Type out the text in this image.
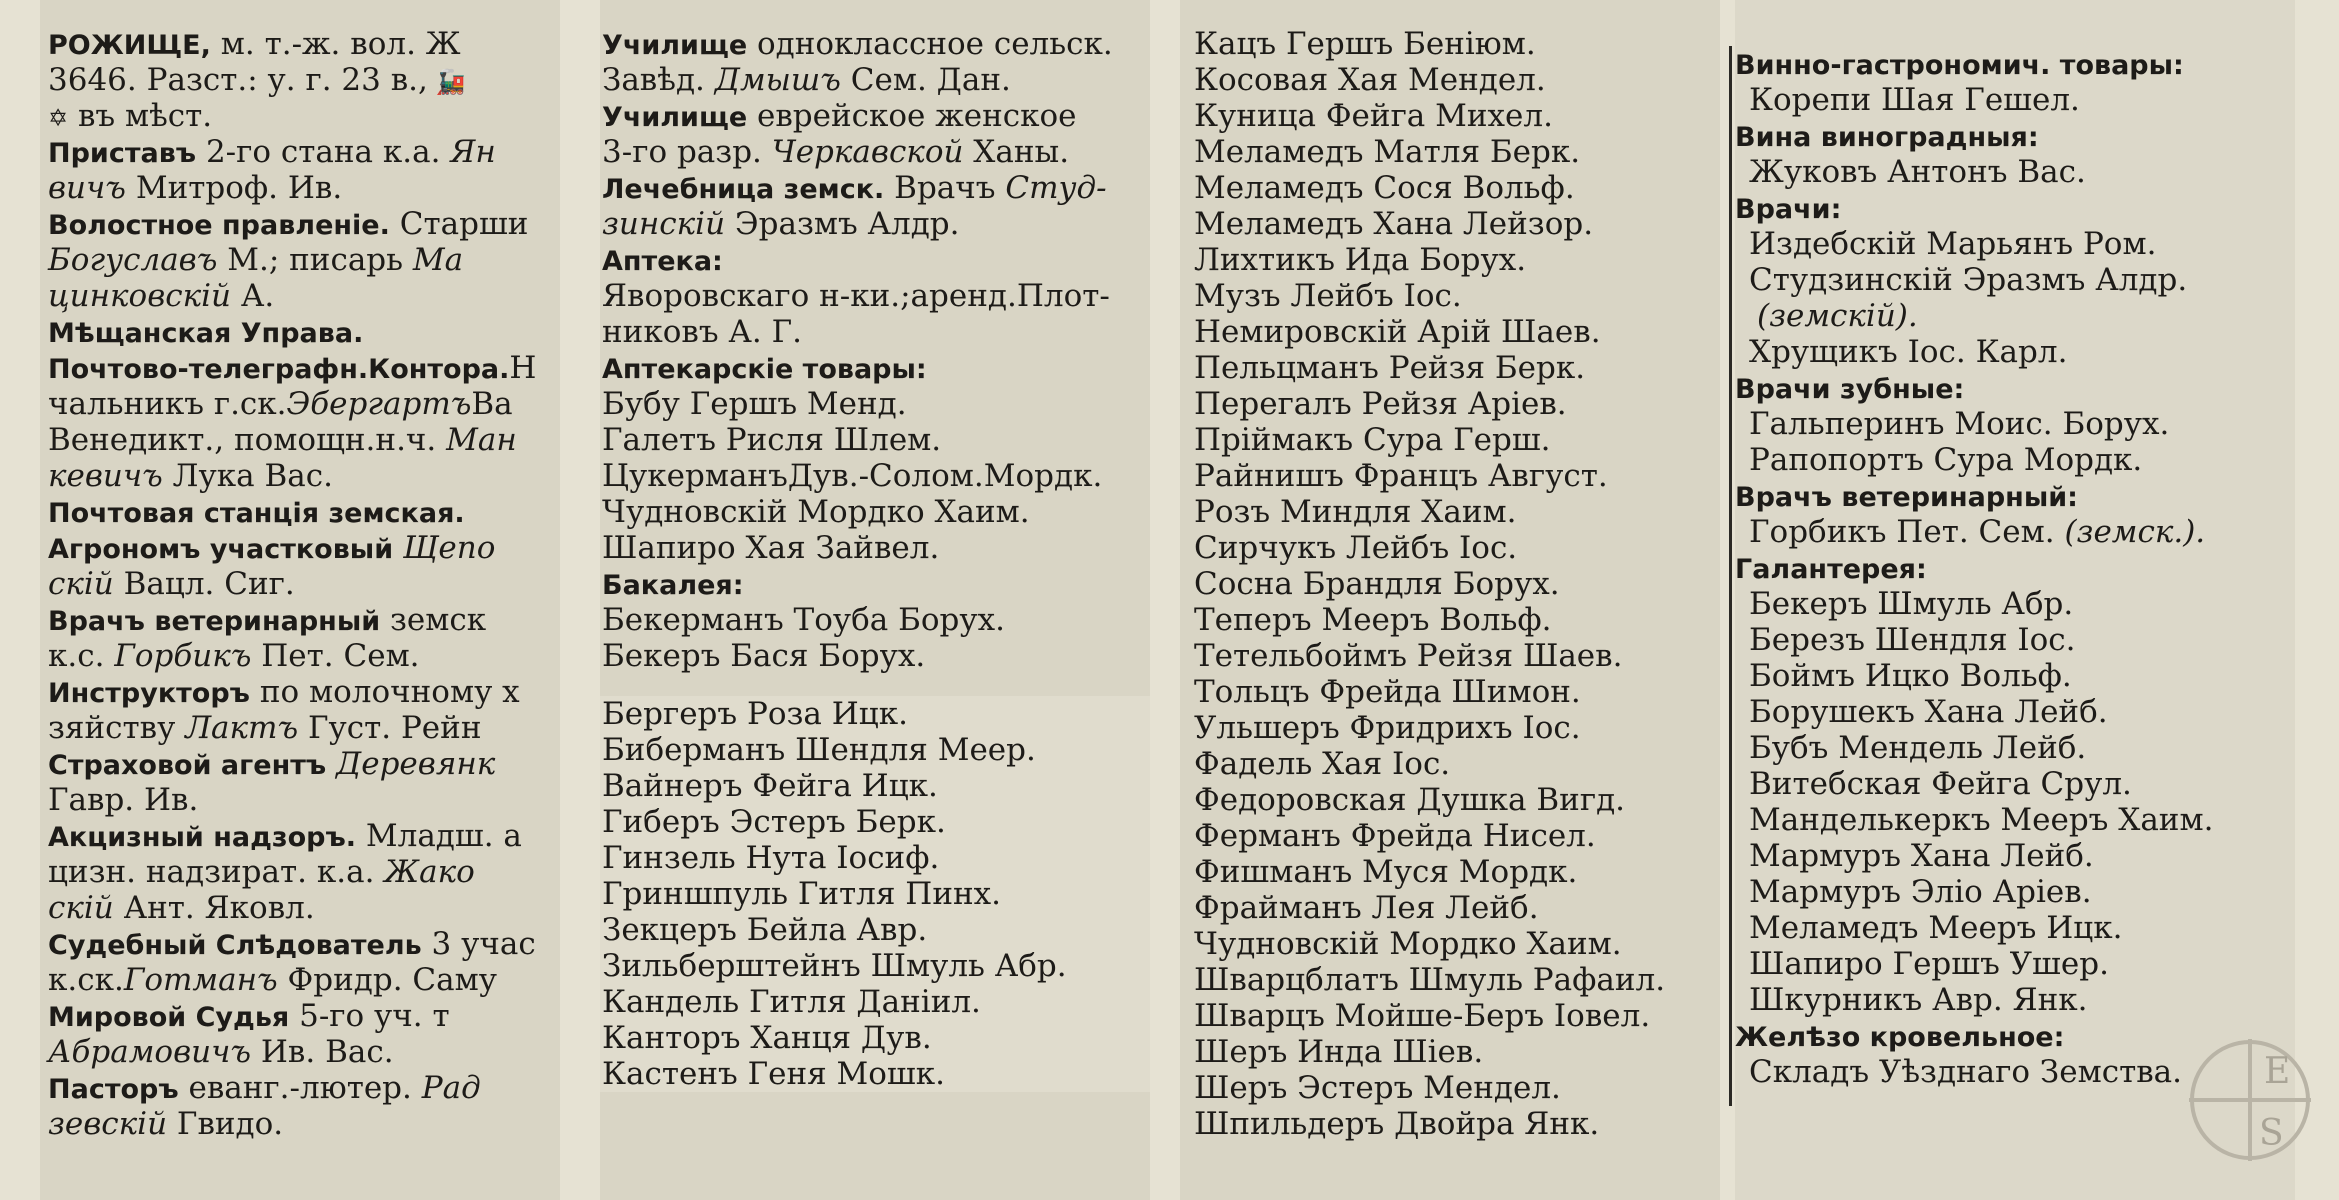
РОЖИЩЕ, м. т.-ж. вол. Ж
3646. Разст.: у. г. 23 в., 🚂
✡ въ мѣст.
Приставъ 2-го стана к.а. Ян
вичъ Митроф. Ив.
Волостное правленіе. Старши
Богуславъ М.; писарь Ма
цинковскій А.
Мѣщанская Управа.
Почтово-телеграфн.Контора.Н
чальникъ г.ск.ЭбергартъВа
Венедикт., помощн.н.ч. Ман
кевичъ Лука Вас.
Почтовая станція земская.
Агрономъ участковый Щепо
скій Вацл. Сиг.
Врачъ ветеринарный земск
к.с. Горбикъ Пет. Сем.
Инструкторъ по молочному х
зяйству Лактъ Густ. Рейн
Страховой агентъ Деревянк
Гавр. Ив.
Акцизный надзоръ. Младш. а
цизн. надзират. к.а. Жако
скій Ант. Яковл.
Судебный Слѣдователь 3 учас
к.ск.Готманъ Фридр. Саму
Мировой Судья 5-го уч. т
Абрамовичъ Ив. Вас.
Пасторъ еванг.-лютер. Рад
зевскій Гвидо.
Училище одноклассное сельск.
Завѣд. Дмышъ Сем. Дан.
Училище еврейское женское
3-го разр. Черкавской Ханы.
Лечебница земск. Врачъ Студ-
зинскій Эразмъ Алдр.
Аптека:
Яворовскаго н-ки.;аренд.Плот-
никовъ А. Г.
Аптекарскіе товары:
Бубу Гершъ Менд.
Галетъ Рисля Шлем.
ЦукерманъДув.-Солом.Мордк.
Чудновскій Мордко Хаим.
Шапиро Хая Зайвел.
Бакалея:
Бекерманъ Тоуба Борух.
Бекеръ Бася Борух.
Бергеръ Роза Ицк.
Биберманъ Шендля Меер.
Вайнеръ Фейга Ицк.
Гиберъ Эстеръ Берк.
Гинзель Нута Іосиф.
Гриншпуль Гитля Пинх.
Зекцеръ Бейла Авр.
Зильберштейнъ Шмуль Абр.
Кандель Гитля Даніил.
Канторъ Ханця Дув.
Кастенъ Геня Мошк.
Кацъ Гершъ Беніюм.
Косовая Хая Мендел.
Куница Фейга Михел.
Меламедъ Матля Берк.
Меламедъ Сося Вольф.
Меламедъ Хана Лейзор.
Лихтикъ Ида Борух.
Музъ Лейбъ Іос.
Немировскій Арій Шаев.
Пельцманъ Рейзя Берк.
Перегалъ Рейзя Аріев.
Пріймакъ Сура Герш.
Райнишъ Францъ Август.
Розъ Миндля Хаим.
Сирчукъ Лейбъ Іос.
Сосна Брандля Борух.
Теперъ Мееръ Вольф.
Тетельбоймъ Рейзя Шаев.
Тольцъ Фрейда Шимон.
Ульшеръ Фридрихъ Іос.
Фадель Хая Іос.
Федоровская Душка Вигд.
Ферманъ Фрейда Нисел.
Фишманъ Муся Мордк.
Фрайманъ Лея Лейб.
Чудновскій Мордко Хаим.
Шварцблатъ Шмуль Рафаил.
Шварцъ Мойше-Беръ Іовел.
Шеръ Инда Шіев.
Шеръ Эстеръ Мендел.
Шпильдеръ Двойра Янк.
Винно-гастрономич. товары:
Корепи Шая Гешел.
Вина виноградныя:
Жуковъ Антонъ Вас.
Врачи:
Издебскій Марьянъ Ром.
Студзинскій Эразмъ Алдр.
(земскій).
Хрущикъ Іос. Карл.
Врачи зубные:
Гальперинъ Моис. Борух.
Рапопортъ Сура Мордк.
Врачъ ветеринарный:
Горбикъ Пет. Сем. (земск.).
Галантерея:
Бекеръ Шмуль Абр.
Березъ Шендля Іос.
Боймъ Ицко Вольф.
Борушекъ Хана Лейб.
Бубъ Мендель Лейб.
Витебская Фейга Срул.
Манделькеркъ Мееръ Хаим.
Мармуръ Хана Лейб.
Мармуръ Эліо Аріев.
Меламедъ Мееръ Ицк.
Шапиро Гершъ Ушер.
Шкурникъ Авр. Янк.
Желѣзо кровельное:
Складъ Уѣзднаго Земства.	E
S
